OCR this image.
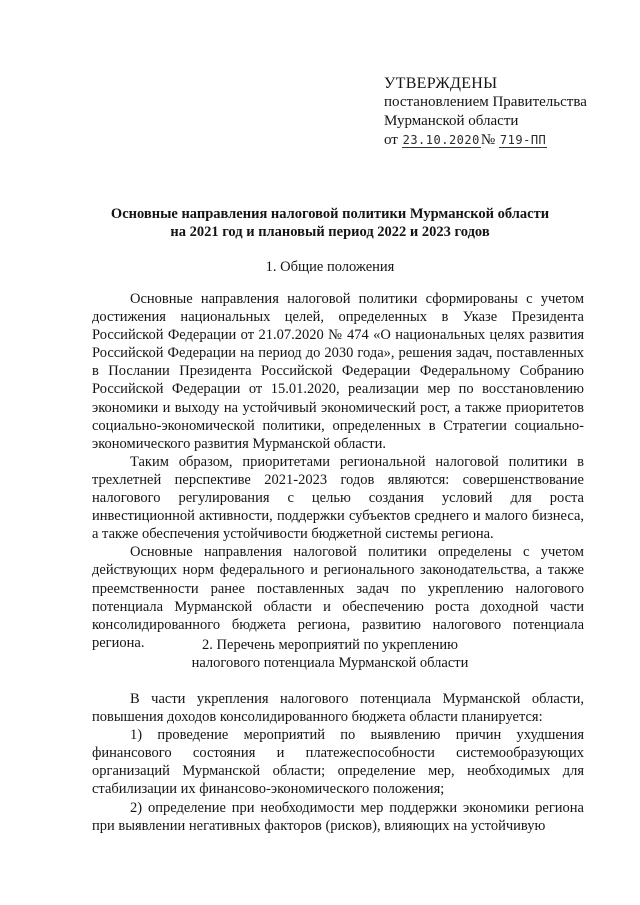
УТВЕРЖДЕНЫ
постановлением Правительства
Мурманской области
от 23.10.2020№ 719-ПП
Основные направления налоговой политики Мурманской области
на 2021 год и плановый период 2022 и 2023 годов
1. Общие положения

Основные направления налоговой политики сформированы с учетом достижения национальных целей, определенных в Указе Президента Российской Федерации от 21.07.2020 № 474 «О национальных целях развития Российской Федерации на период до 2030 года», решения задач, поставленных в Послании Президента Российской Федерации Федеральному Собранию Российской Федерации от 15.01.2020, реализации мер по восстановлению экономики и выходу на устойчивый экономический рост, а также приоритетов социально-экономической политики, определенных в Стратегии социально-экономического развития Мурманской области.

Таким образом, приоритетами региональной налоговой политики в трехлетней перспективе 2021-2023 годов являются: совершенствование налогового регулирования с целью создания условий для роста инвестиционной активности, поддержки субъектов среднего и малого бизнеса, а также обеспечения устойчивости бюджетной системы региона.

Основные направления налоговой политики определены с учетом действующих норм федерального и регионального законодательства, а также преемственности ранее поставленных задач по укреплению налогового потенциала Мурманской области и обеспечению роста доходной части консолидированного бюджета региона, развитию налогового потенциала региона.	2. Перечень мероприятий по укреплению
налогового потенциала Мурманской области

В части укрепления налогового потенциала Мурманской области, повышения доходов консолидированного бюджета области планируется:

1) проведение мероприятий по выявлению причин ухудшения финансового состояния и платежеспособности системообразующих организаций Мурманской области; определение мер, необходимых для стабилизации их финансово-экономического положения;

2) определение при необходимости мер поддержки экономики региона при выявлении негативных факторов (рисков), влияющих на устойчивую
